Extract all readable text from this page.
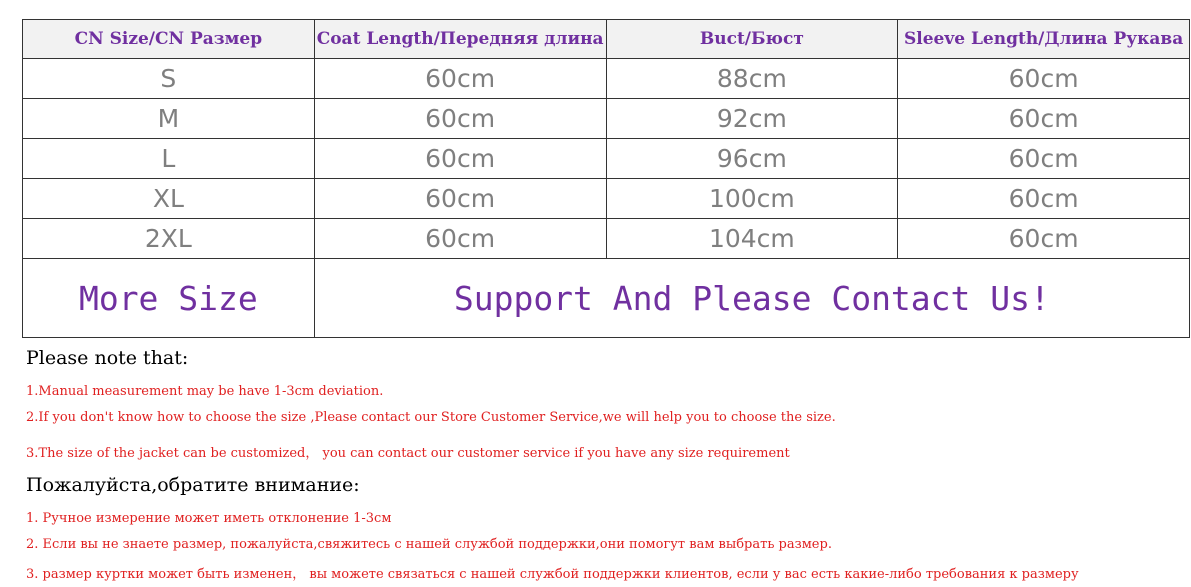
CN Size/CN Размер	Coat Length/Передняя длина	Buct/Бюст	Sleeve Length/Длина Рукава
S	60cm	88cm	60cm
M	60cm	92cm	60cm
L	60cm	96cm	60cm
XL	60cm	100cm	60cm
2XL	60cm	104cm	60cm
More Size	Support And Please Contact Us!		
Please note that:
1.Manual measurement may be have 1-3cm deviation.
2.If you don't know how to choose the size ,Please contact our Store Customer Service,we will help you to choose the size.
3.The size of the jacket can be customized， you can contact our customer service if you have any size requirement
Пожалуйста,обратите внимание:
1. Ручное измерение может иметь отклонение 1-3см
2. Если вы не знаете размер, пожалуйста,свяжитесь с нашей службой поддержки,они помогут вам выбрать размер.
3. размер куртки может быть изменен， вы можете связаться с нашей службой поддержки клиентов, если у вас есть какие-либо требования к размеру
